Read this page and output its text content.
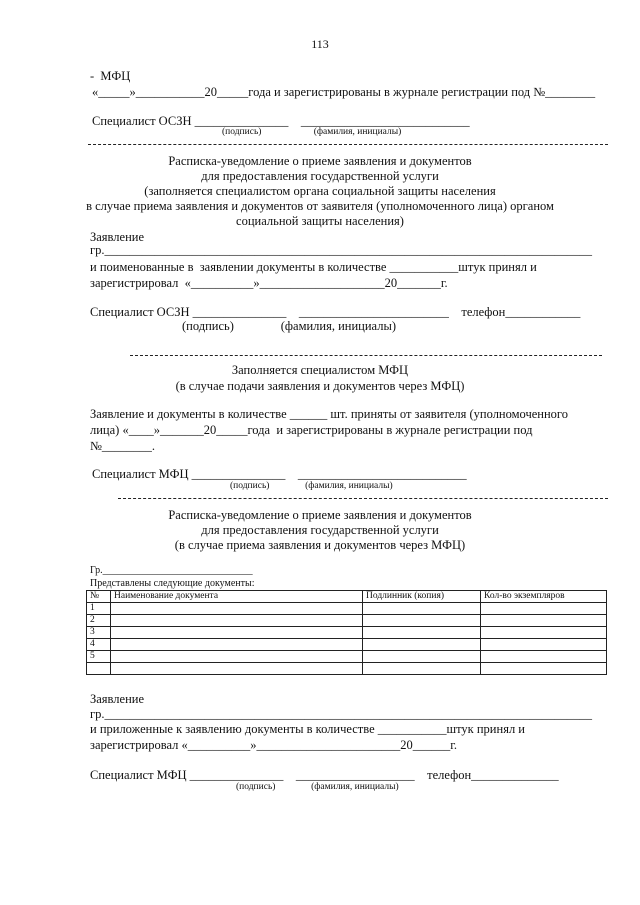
113
-  МФЦ
«_____»___________20_____года и зарегистрированы в журнале регистрации под №________
Специалист ОСЗН _______________    ___________________________
(подпись)                      (фамилия, инициалы)
Расписка-уведомление о приеме заявления и документов
для предоставления государственной услуги
(заполняется специалистом органа социальной защиты населения
в случае приема заявления и документов от заявителя (уполномоченного лица) органом
социальной защиты населения)
Заявление
гр.______________________________________________________________________________
и поименованные в  заявлении документы в количестве ___________штук принял и
зарегистрировал  «__________»____________________20_______г.
Специалист ОСЗН _______________    ________________________    телефон____________
(подпись)               (фамилия, инициалы)
Заполняется специалистом МФЦ
(в случае подачи заявления и документов через МФЦ)
Заявление и документы в количестве ______ шт. приняты от заявителя (уполномоченного
лица) «____»_______20_____года  и зарегистрированы в журнале регистрации под
№________.
Специалист МФЦ _______________    ___________________________
(подпись)               (фамилия, инициалы)
Расписка-уведомление о приеме заявления и документов
для предоставления государственной услуги
(в случае приема заявления и документов через МФЦ)
Гр.______________________________
Представлены следующие документы:
№	Наименование документа	Подлинник (копия)	Кол-во экземпляров
1			
2			
3			
4			
5			

Заявление
гр.______________________________________________________________________________
и приложенные к заявлению документы в количестве ___________штук принял и
зарегистрировал «__________»_______________________20______г.
Специалист МФЦ _______________    ___________________    телефон______________
(подпись)               (фамилия, инициалы)
